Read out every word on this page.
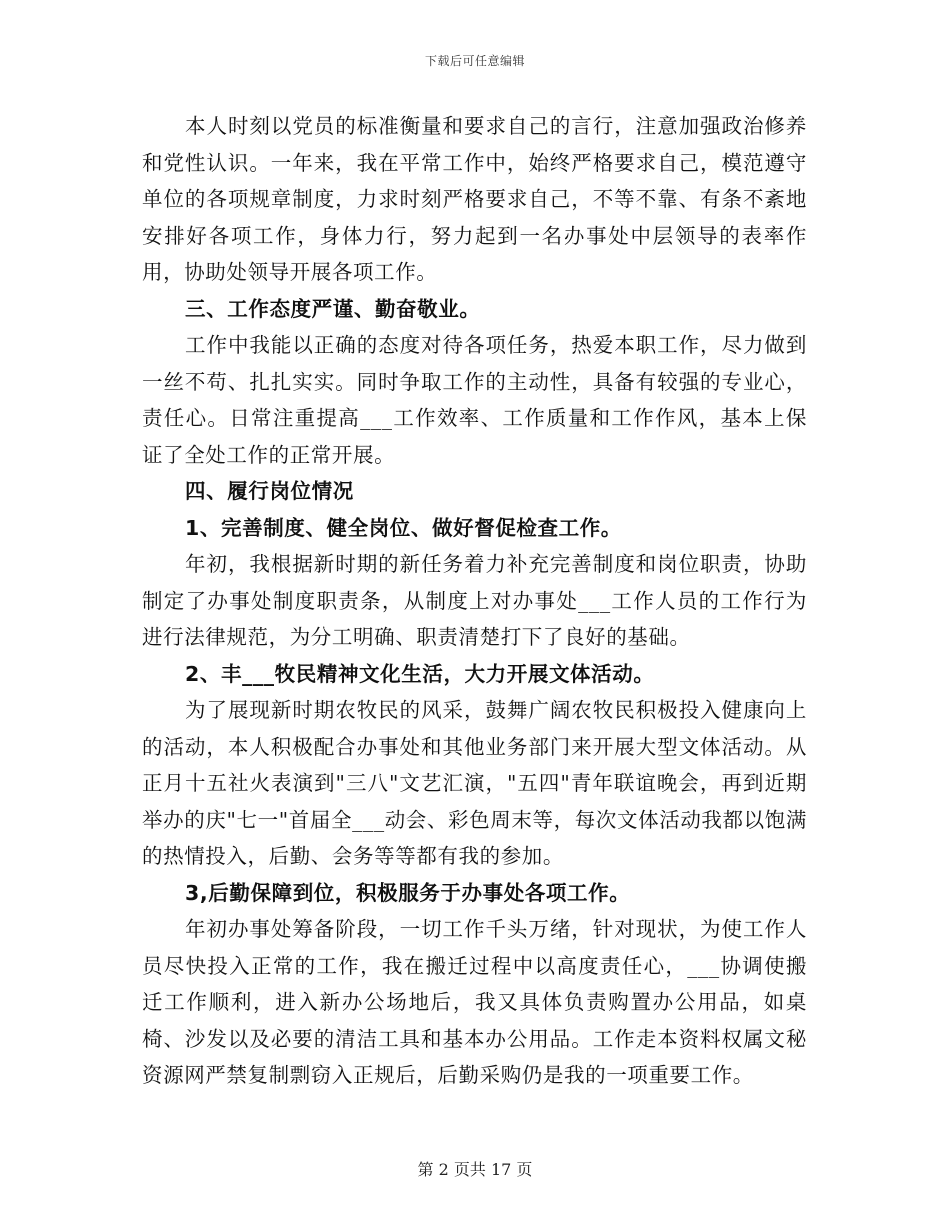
下载后可任意编辑

本人时刻以党员的标准衡量和要求自己的言行，注意加强政治修养和党性认识。一年来，我在平常工作中，始终严格要求自己，模范遵守单位的各项规章制度，力求时刻严格要求自己，不等不靠、有条不紊地安排好各项工作，身体力行，努力起到一名办事处中层领导的表率作用，协助处领导开展各项工作。

三、工作态度严谨、勤奋敬业。

工作中我能以正确的态度对待各项任务，热爱本职工作，尽力做到一丝不苟、扎扎实实。同时争取工作的主动性，具备有较强的专业心，责任心。日常注重提高___工作效率、工作质量和工作作风，基本上保证了全处工作的正常开展。

四、履行岗位情况

1、完善制度、健全岗位、做好督促检查工作。

年初，我根据新时期的新任务着力补充完善制度和岗位职责，协助制定了办事处制度职责条，从制度上对办事处___工作人员的工作行为进行法律规范，为分工明确、职责清楚打下了良好的基础。

2、丰___牧民精神文化生活，大力开展文体活动。

为了展现新时期农牧民的风采，鼓舞广阔农牧民积极投入健康向上的活动，本人积极配合办事处和其他业务部门来开展大型文体活动。从正月十五社火表演到"三八"文艺汇演，"五四"青年联谊晚会，再到近期举办的庆"七一"首届全___动会、彩色周末等，每次文体活动我都以饱满的热情投入，后勤、会务等等都有我的参加。

3,后勤保障到位，积极服务于办事处各项工作。

年初办事处筹备阶段，一切工作千头万绪，针对现状，为使工作人员尽快投入正常的工作，我在搬迁过程中以高度责任心，___协调使搬迁工作顺利，进入新办公场地后，我又具体负责购置办公用品，如桌椅、沙发以及必要的清洁工具和基本办公用品。工作走本资料权属文秘资源网严禁复制剽窃入正规后，后勤采购仍是我的一项重要工作。

第 2 页共 17 页
